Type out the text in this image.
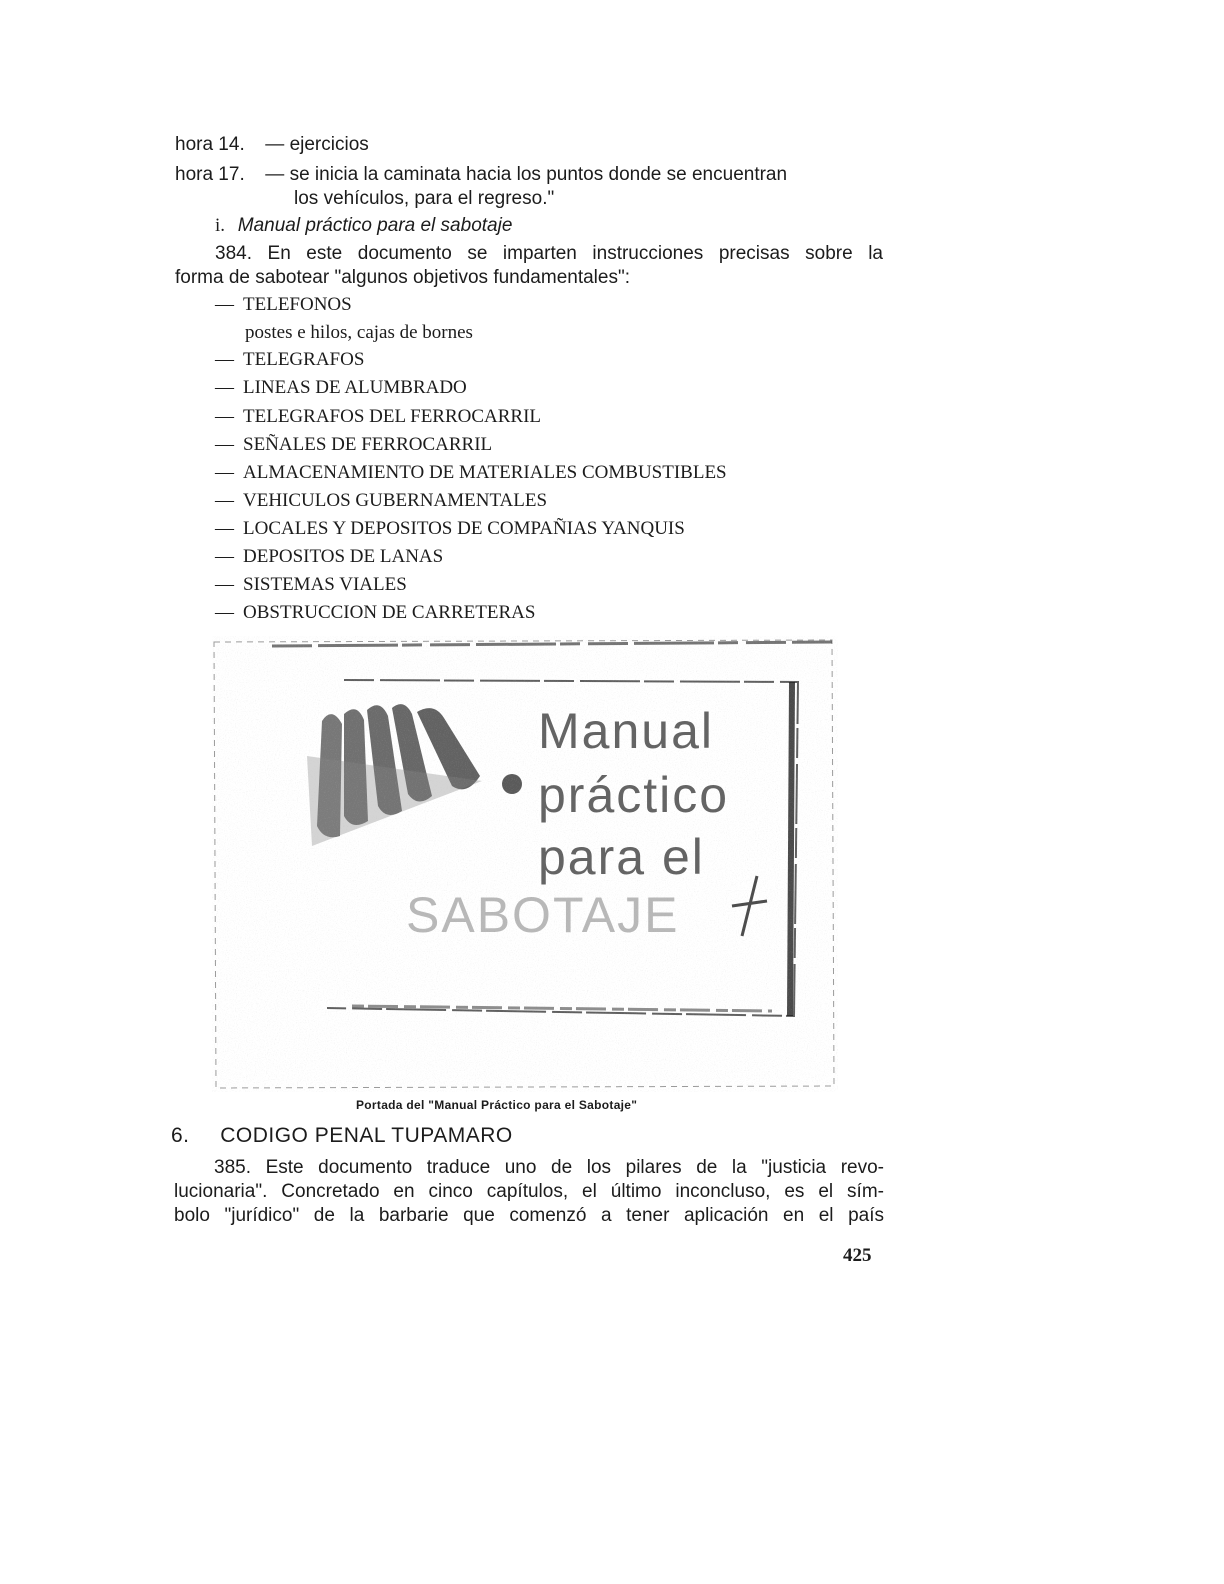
hora 14. — ejercicios
hora 17. — se inicia la caminata hacia los puntos donde se encuentran
los vehículos, para el regreso."
i. Manual práctico para el sabotaje
384. En este documento se imparten instrucciones precisas sobre la
forma de sabotear "algunos objetivos fundamentales":
— TELEFONOS
postes e hilos, cajas de bornes
— TELEGRAFOS
— LINEAS DE ALUMBRADO
— TELEGRAFOS DEL FERROCARRIL
— SEÑALES DE FERROCARRIL
— ALMACENAMIENTO DE MATERIALES COMBUSTIBLES
— VEHICULOS GUBERNAMENTALES
— LOCALES Y DEPOSITOS DE COMPAÑIAS YANQUIS
— DEPOSITOS DE LANAS
— SISTEMAS VIALES
— OBSTRUCCION DE CARRETERAS
Manual
práctico
para el
SABOTAJE
Portada del "Manual Práctico para el Sabotaje"
6. CODIGO PENAL TUPAMARO
385. Este documento traduce uno de los pilares de la "justicia revo-
lucionaria". Concretado en cinco capítulos, el último inconcluso, es el sím-
bolo "jurídico" de la barbarie que comenzó a tener aplicación en el país
425
